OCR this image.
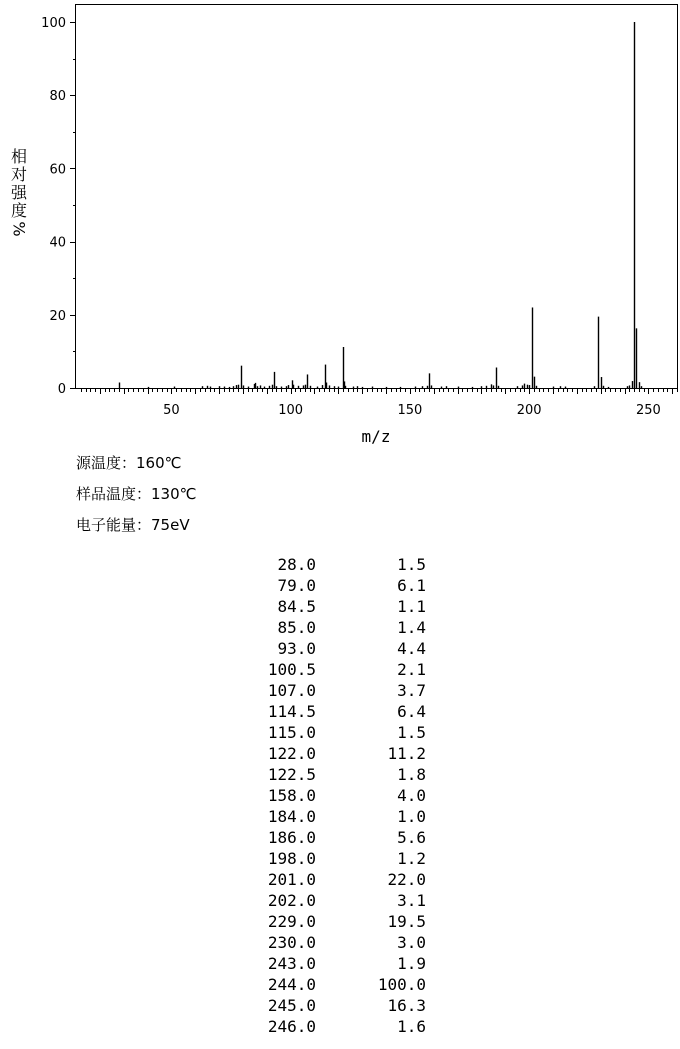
50	100	150	200	250
0
20
40
60
80
100
m/z
相
对
强
度
%
源温度：160℃
样品温度：130℃
电子能量：75eV
28.0	1.5
79.0	6.1
84.5	1.1
85.0	1.4
93.0	4.4
100.5	2.1
107.0	3.7
114.5	6.4
115.0	1.5
122.0	11.2
122.5	1.8
158.0	4.0
184.0	1.0
186.0	5.6
198.0	1.2
201.0	22.0
202.0	3.1
229.0	19.5
230.0	3.0
243.0	1.9
244.0	100.0
245.0	16.3
246.0	1.6
